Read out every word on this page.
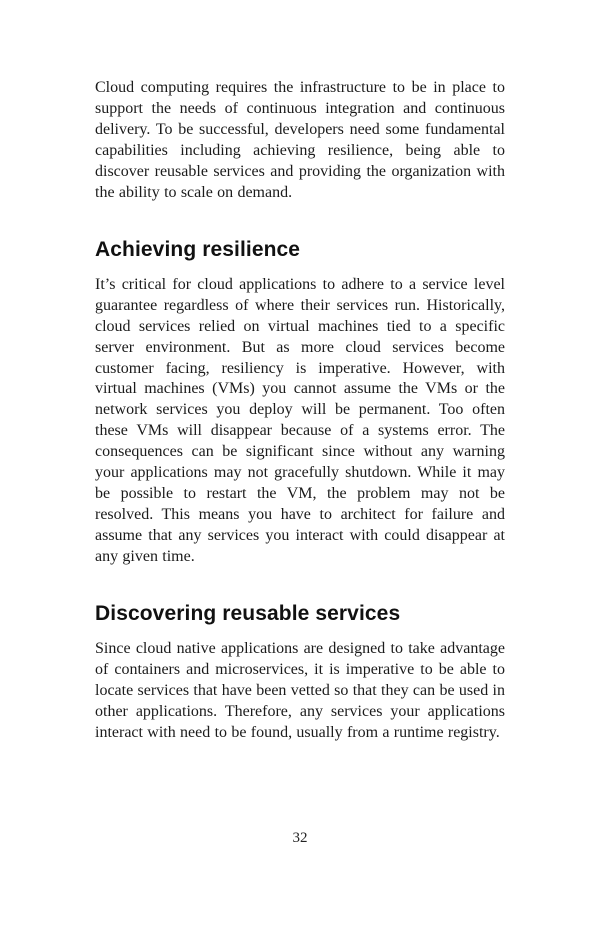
Cloud computing requires the infrastructure to be in place to support the needs of continuous integration and continuous delivery. To be successful, developers need some fundamental capabilities including achieving resilience, being able to discover reusable services and providing the organization with the ability to scale on demand.

Achieving resilience

It’s critical for cloud applications to adhere to a service level guarantee regardless of where their services run. Historically, cloud services relied on virtual machines tied to a specific server environment. But as more cloud services become customer facing, resiliency is imperative. However, with virtual machines (VMs) you cannot assume the VMs or the network services you deploy will be permanent. Too often these VMs will disappear because of a systems error. The consequences can be significant since without any warning your applications may not gracefully shutdown. While it may be possible to restart the VM, the problem may not be resolved. This means you have to architect for failure and assume that any services you interact with could disappear at any given time.

Discovering reusable services

Since cloud native applications are designed to take advantage of containers and microservices, it is imperative to be able to locate services that have been vetted so that they can be used in other applications. Therefore, any services your applications interact with need to be found, usually from a runtime registry.

32
